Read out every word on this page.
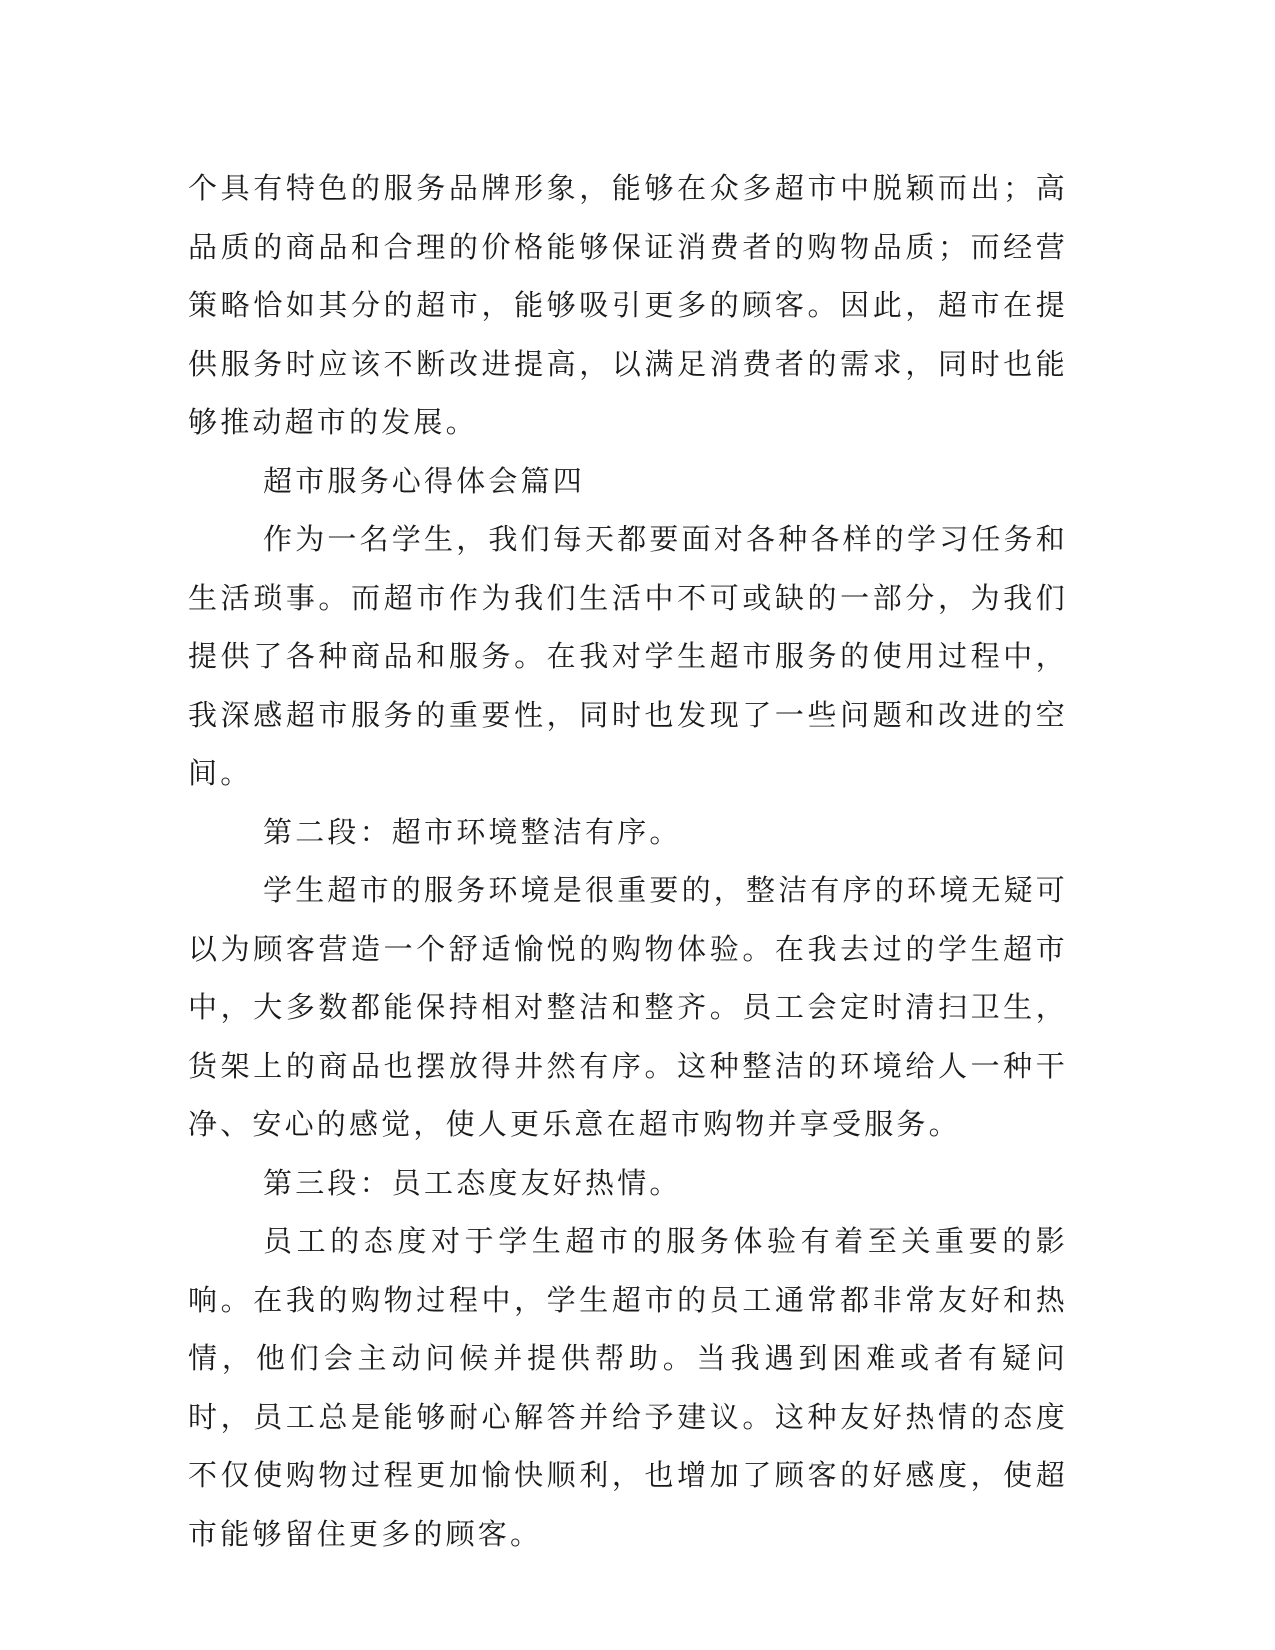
个具有特色的服务品牌形象，能够在众多超市中脱颖而出；高品质的商品和合理的价格能够保证消费者的购物品质；而经营策略恰如其分的超市，能够吸引更多的顾客。因此，超市在提供服务时应该不断改进提高，以满足消费者的需求，同时也能够推动超市的发展。

超市服务心得体会篇四

作为一名学生，我们每天都要面对各种各样的学习任务和生活琐事。而超市作为我们生活中不可或缺的一部分，为我们提供了各种商品和服务。在我对学生超市服务的使用过程中，我深感超市服务的重要性，同时也发现了一些问题和改进的空间。

第二段：超市环境整洁有序。

学生超市的服务环境是很重要的，整洁有序的环境无疑可以为顾客营造一个舒适愉悦的购物体验。在我去过的学生超市中，大多数都能保持相对整洁和整齐。员工会定时清扫卫生，货架上的商品也摆放得井然有序。这种整洁的环境给人一种干净、安心的感觉，使人更乐意在超市购物并享受服务。

第三段：员工态度友好热情。

员工的态度对于学生超市的服务体验有着至关重要的影响。在我的购物过程中，学生超市的员工通常都非常友好和热情，他们会主动问候并提供帮助。当我遇到困难或者有疑问时，员工总是能够耐心解答并给予建议。这种友好热情的态度不仅使购物过程更加愉快顺利，也增加了顾客的好感度，使超市能够留住更多的顾客。
